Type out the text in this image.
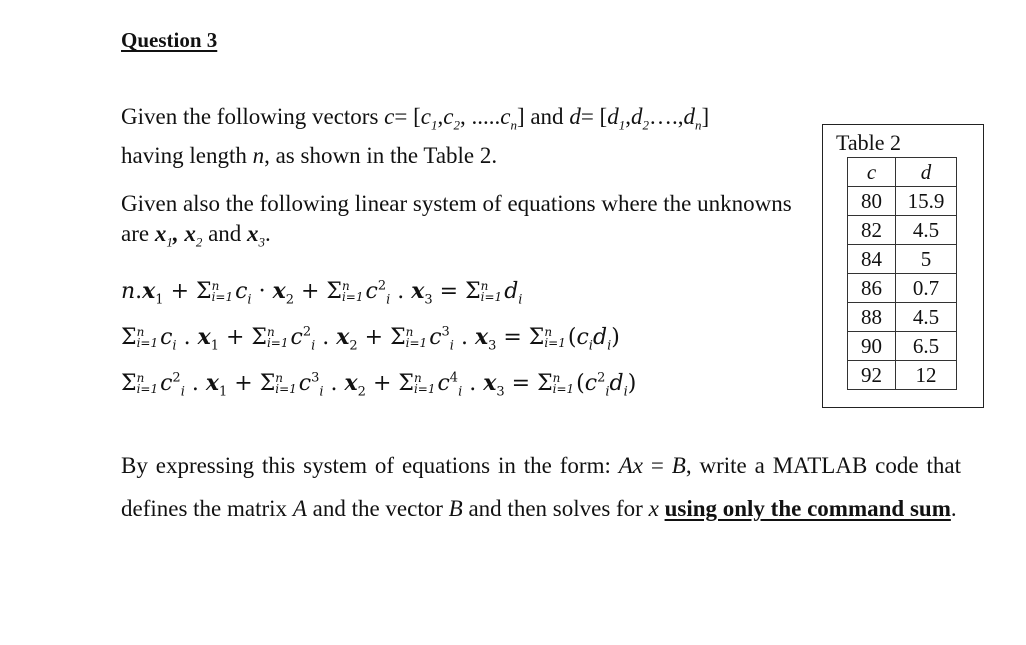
Question 3
Given the following vectors $c= [c_1,c_2$, $.....c_n$] and $d= [d_1,d_2\dots.,d_n]$
having length n, as shown in the Table 2.
Given also the following linear system of equations where the unknowns are $x_1$, $x_2$ and $x_3$.
$n.x_1 + \Sigma$ n
i=1 $c_i \cdot x_2 + \Sigma$ n
i=1 $c^2_i$ . $x_3 = \Sigma$ n
i=1 $d_i$
Σ n
i=1 $c_i$ . $x_1 + \Sigma$ n
i=1 $c^2_i$ . $x_2 + \Sigma$ n
i=1 $c^3_i$ . $x_3 = \Sigma$ n
i=1 $(c_id_i)$
Σ n
i=1 $c^2_i$ . $x_1 + \Sigma$ n
i=1 $c^3_i$ . $x_2 + \Sigma$ n
i=1 $c^4_i$ . $x_3 = \Sigma$ n
i=1 $(c^2_id_i)$
Table 2
c	d
80	15.9
82	4.5
84	5
86	0.7
88	4.5
90	6.5
92	12
By expressing this system of equations in the form: Ax = B, write a MATLAB code that defines the matrix A and the vector B and then solves for x using only the command sum.
